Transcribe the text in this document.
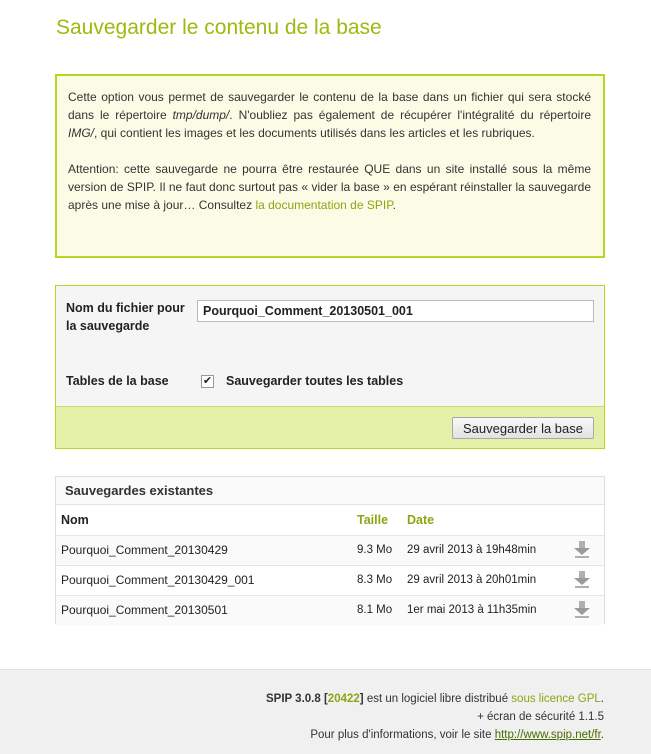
Sauvegarder le contenu de la base

Cette option vous permet de sauvegarder le contenu de la base dans un fichier qui sera stocké dans le répertoire tmp/dump/. N'oubliez pas également de récupérer l'intégralité du répertoire IMG/, qui contient les images et les documents utilisés dans les articles et les rubriques.

Attention: cette sauvegarde ne pourra être restaurée QUE dans un site installé sous la même version de SPIP. Il ne faut donc surtout pas « vider la base » en espérant réinstaller la sauvegarde après une mise à jour… Consultez la documentation de SPIP.

Nom du fichier pour la sauvegarde
Pourquoi_Comment_20130501_001
Tables de la base	✔ Sauvegarder toutes les tables
Sauvegarder la base
Sauvegardes existantes
Nom	Taille	Date	
Pourquoi_Comment_20130429	9.3 Mo	29 avril 2013 à 19h48min	
Pourquoi_Comment_20130429_001	8.3 Mo	29 avril 2013 à 20h01min	
Pourquoi_Comment_20130501	8.1 Mo	1er mai 2013 à 11h35min	
SPIP 3.0.8 [20422] est un logiciel libre distribué sous licence GPL.
+ écran de sécurité 1.1.5
Pour plus d'informations, voir le site http://www.spip.net/fr.
